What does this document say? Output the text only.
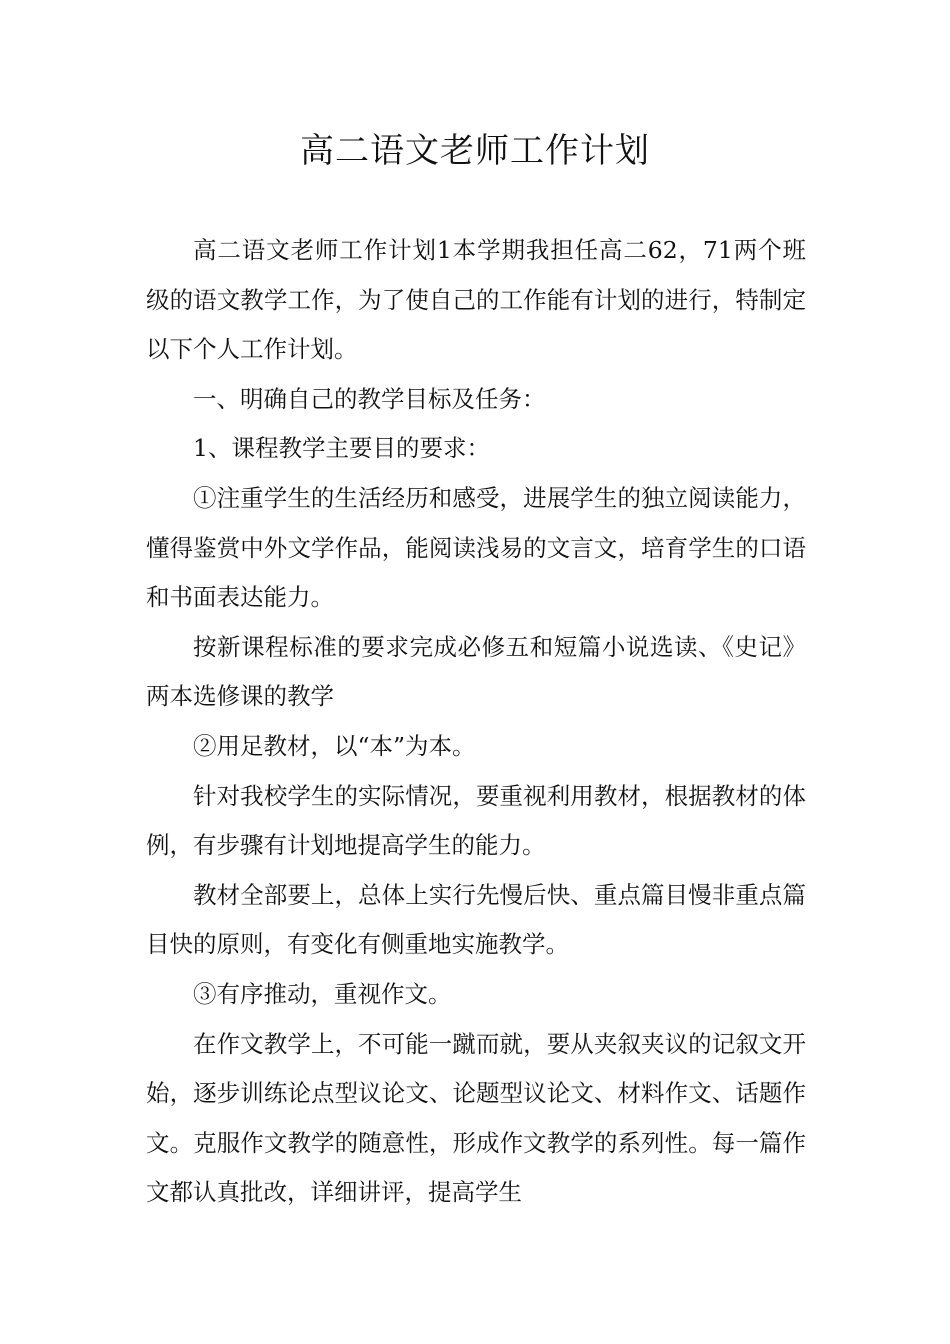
高二语文老师工作计划

高二语文老师工作计划1本学期我担任高二62，71两个班级的语文教学工作，为了使自己的工作能有计划的进行，特制定以下个人工作计划。

一、明确自己的教学目标及任务：

1、课程教学主要目的要求：

①注重学生的生活经历和感受，进展学生的独立阅读能力，懂得鉴赏中外文学作品，能阅读浅易的文言文，培育学生的口语和书面表达能力。

按新课程标准的要求完成必修五和短篇小说选读、《史记》两本选修课的教学

②用足教材，以“本”为本。

针对我校学生的实际情况，要重视利用教材，根据教材的体例，有步骤有计划地提高学生的能力。

教材全部要上，总体上实行先慢后快、重点篇目慢非重点篇目快的原则，有变化有侧重地实施教学。

③有序推动，重视作文。

在作文教学上，不可能一蹴而就，要从夹叙夹议的记叙文开始，逐步训练论点型议论文、论题型议论文、材料作文、话题作文。克服作文教学的随意性，形成作文教学的系列性。每一篇作文都认真批改，详细讲评，提高学生
